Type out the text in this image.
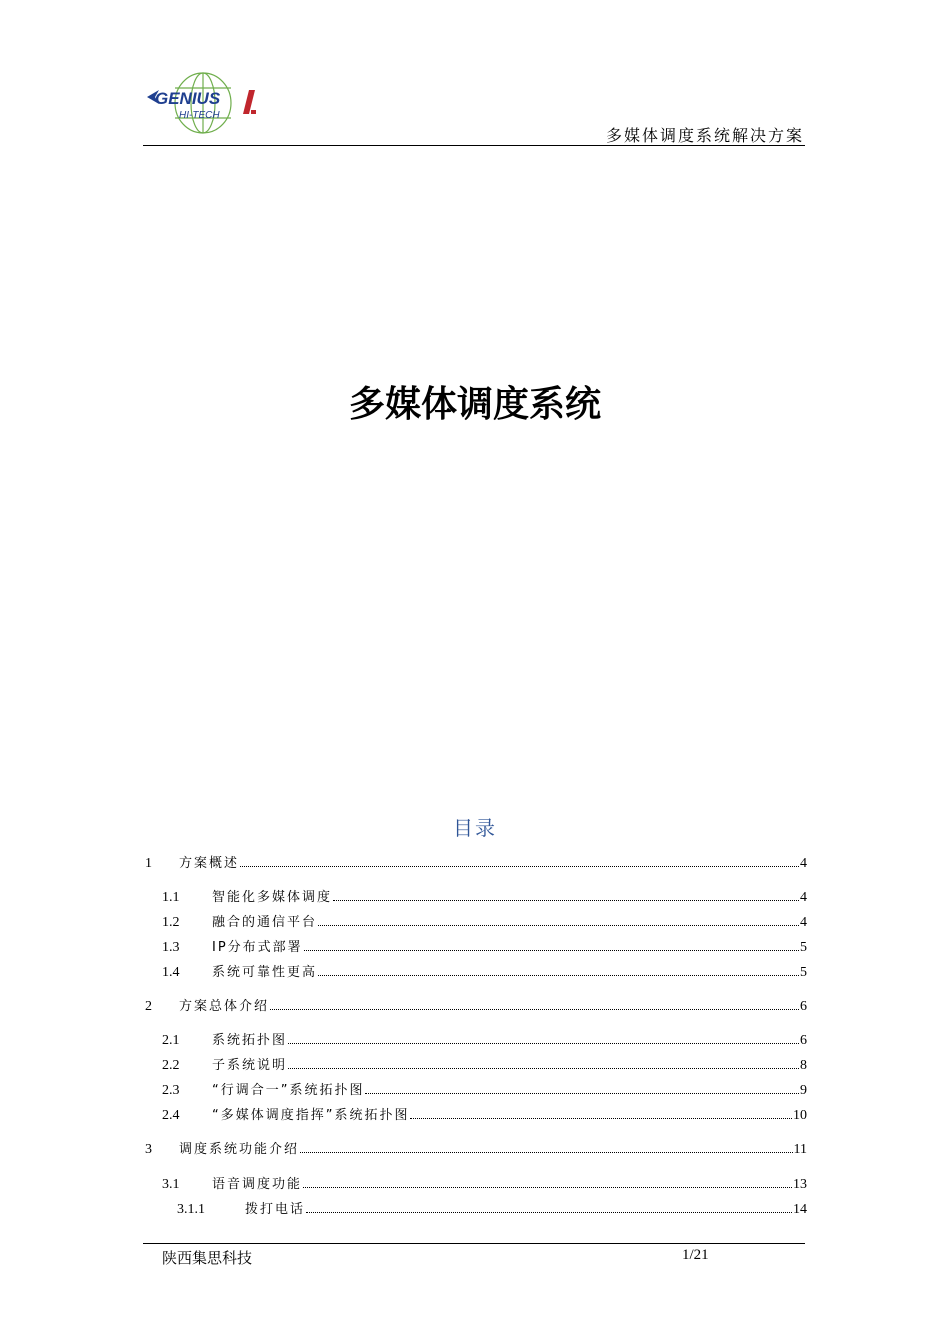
GENIUS
HI-TECH
多媒体调度系统解决方案
多媒体调度系统
目录
1	方案概述	4
1.1	智能化多媒体调度	4
1.2	融合的通信平台	4
1.3	IP分布式部署	5
1.4	系统可靠性更高	5
2	方案总体介绍	6
2.1	系统拓扑图	6
2.2	子系统说明	8
2.3	“行调合一”系统拓扑图	9
2.4	“多媒体调度指挥”系统拓扑图	10
3	调度系统功能介绍	11
3.1	语音调度功能	13
3.1.1	拨打电话	14
陕西集思科技	1/21
